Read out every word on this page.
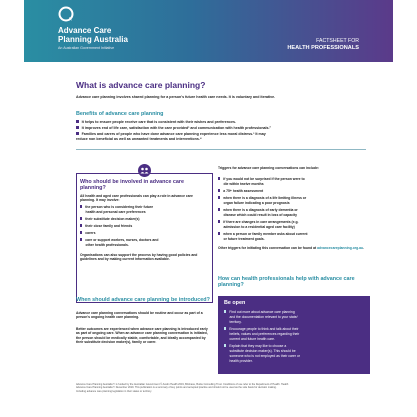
Advance Care
Planning Australia
An Australian Government Initiative
FACTSHEET FOR
HEALTH PROFESSIONALS
What is advance care planning?
Advance care planning involves shared planning for a person's future health care needs. It is voluntary and iterative.
Benefits of advance care planning
It helps to ensure people receive care that is consistent with their wishes and preferences.
It improves end of life care, satisfaction with the care provided¹ and communication with health professionals.²
Families and carers of people who have done advance care planning experience less moral distress.³ It may
reduce non beneficial as well as unwanted treatments and interventions.⁴
Who should be involved in advance care planning?
All health and aged care professionals can play a role in advance care planning. It may involve:
the person who is considering their future
health and personal care preferences
their substitute decision maker(s)
their close family and friends
carers
care or support workers, nurses, doctors and
other health professionals.
Organisations can also support the process by having good policies and guidelines and by making current information available.
Triggers for advance care planning conversations can include:
if you would not be surprised if the person were to
die within twelve months
a 75+ health assessment
when there is a diagnosis of a life limiting illness or
organ failure indicating a poor prognosis
when there is a diagnosis of early dementia or
disease which could result in loss of capacity
if there are changes in care arrangements (e.g.
admission to a residential aged care facility)
when a person or family member asks about current
or future treatment goals.
Other triggers for initiating this conversation can be found at advancecareplanning.org.au.
How can health professionals help with advance care planning?
When should advance care planning be introduced?
Advance care planning conversations should be routine and occur as part of a person's ongoing health care planning.
Better outcomes are experienced when advance care planning is introduced early as part of ongoing care. When an advance care planning conversation is initiated, the person should be medically stable, comfortable, and ideally accompanied by their substitute decision maker(s), family or carer.
Be open
Find out more about advance care planning
and the documentation relevant to your state/
territory.
Encourage people to think and talk about their
beliefs, values and preferences regarding their
current and future health care.
Explain that they may like to choose a
substitute decision maker(s). This should be
someone who is not employed as their carer or
health provider.
Advance Care Planning Australia™ is funded by the Australian Government © Austin Health 2019, Brisbane, Burke Consulting Trust. Conditions of use refer to the Department of Health. Health
Advance Care Planning Australia™ December 2019. This publication is a summary of key points and accepted practice and should not be used as the sole basis for decision making.
Including advance care planning legislation in their states or territory.
